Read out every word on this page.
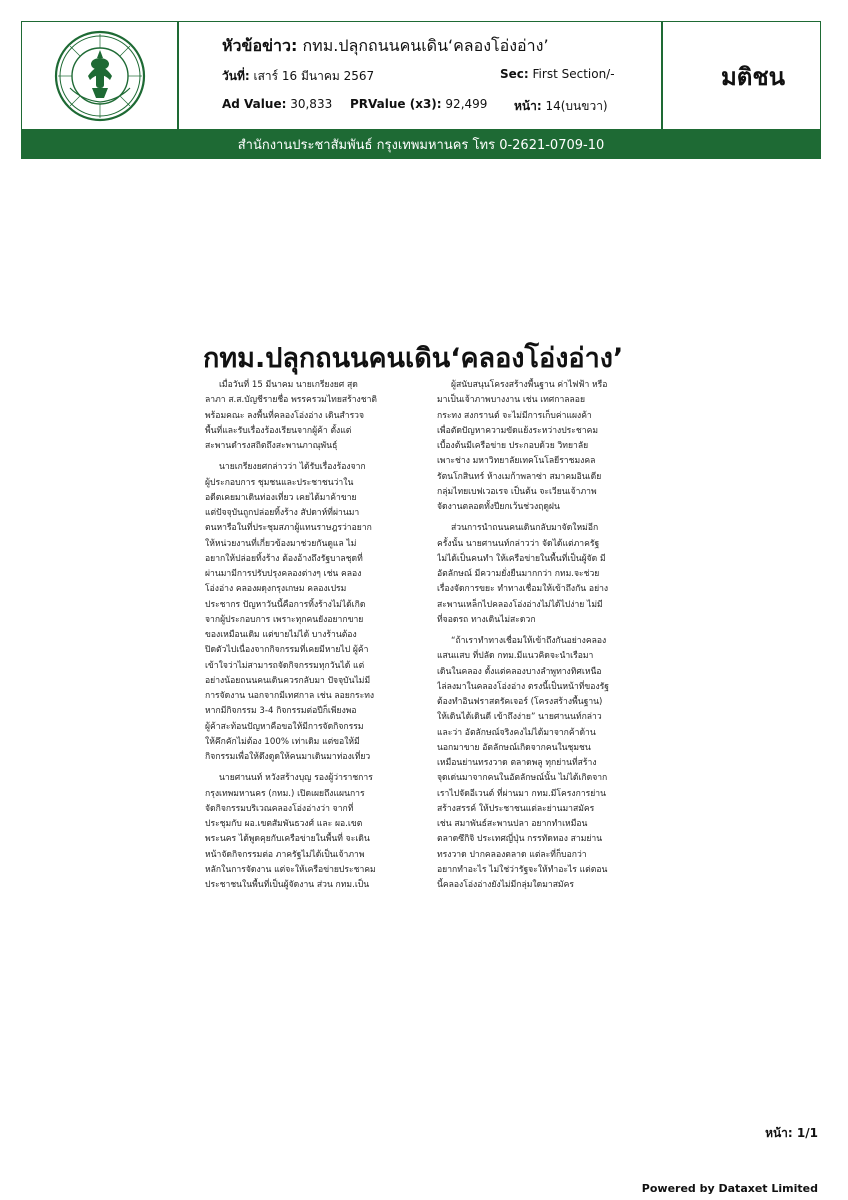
หัวข้อข่าว: กทม.ปลุกถนนคนเดิน‘คลองโอ่งอ่าง’
วันที่: เสาร์ 16 มีนาคม 2567	Sec: First Section/-
Ad Value: 30,833 PRValue (x3): 92,499 หน้า: 14(บนขวา)
มติชน
สำนักงานประชาสัมพันธ์ กรุงเทพมหานคร โทร 0-2621-0709-10
กทม.ปลุกถนนคนเดิน‘คลองโอ่งอ่าง’
เมื่อวันที่ 15 มีนาคม นายเกรียงยศ สุด
ลาภา ส.ส.บัญชีรายชื่อ พรรครวมไทยสร้างชาติ
พร้อมคณะ ลงพื้นที่คลองโอ่งอ่าง เดินสำรวจ
พื้นที่และรับเรื่องร้องเรียนจากผู้ค้า ตั้งแต่
สะพานดำรงสถิตถึงสะพานภาณุพันธุ์
นายเกรียงยศกล่าวว่า ได้รับเรื่องร้องจาก
ผู้ประกอบการ ชุมชนและประชาชนว่าใน
อดีตเคยมาเดินท่องเที่ยว เคยได้มาค้าขาย
แต่ปัจจุบันถูกปล่อยทิ้งร้าง สัปดาห์ที่ผ่านมา
ตนหารือในที่ประชุมสภาผู้แทนราษฎรว่าอยาก
ให้หน่วยงานที่เกี่ยวข้องมาช่วยกันดูแล ไม่
อยากให้ปล่อยทิ้งร้าง ต้องอ้างถึงรัฐบาลชุดที่
ผ่านมามีการปรับปรุงคลองต่างๆ เช่น คลอง
โอ่งอ่าง คลองผดุงกรุงเกษม คลองเปรม
ประชากร ปัญหาวันนี้คือการทิ้งร้างไม่ได้เกิด
จากผู้ประกอบการ เพราะทุกคนยังอยากขาย
ของเหมือนเดิม แต่ขายไม่ได้ บางร้านต้อง
ปิดตัวไปเนื่องจากกิจกรรมที่เคยมีหายไป ผู้ค้า
เข้าใจว่าไม่สามารถจัดกิจกรรมทุกวันได้ แต่
อย่างน้อยถนนคนเดินควรกลับมา ปัจจุบันไม่มี
การจัดงาน นอกจากมีเทศกาล เช่น ลอยกระทง
หากมีกิจกรรม 3-4 กิจกรรมต่อปีก็เพียงพอ
ผู้ค้าสะท้อนปัญหาคือขอให้มีการจัดกิจกรรม
ให้คึกคักไม่ต้อง 100% เท่าเดิม แต่ขอให้มี
กิจกรรมเพื่อให้ดึงดูดให้คนมาเดินมาท่องเที่ยว
นายศานนท์ หวังสร้างบุญ รองผู้ว่าราชการ
กรุงเทพมหานคร (กทม.) เปิดเผยถึงแผนการ
จัดกิจกรรมบริเวณคลองโอ่งอ่างว่า จากที่
ประชุมกับ ผอ.เขตสัมพันธวงศ์ และ ผอ.เขต
พระนคร ได้พูดคุยกับเครือข่ายในพื้นที่ จะเดิน
หน้าจัดกิจกรรมต่อ ภาครัฐไม่ได้เป็นเจ้าภาพ
หลักในการจัดงาน แต่จะให้เครือข่ายประชาคม
ประชาชนในพื้นที่เป็นผู้จัดงาน ส่วน กทม.เป็น
ผู้สนับสนุนโครงสร้างพื้นฐาน ค่าไฟฟ้า หรือ
มาเป็นเจ้าภาพบางงาน เช่น เทศกาลลอย
กระทง สงกรานต์ จะไม่มีการเก็บค่าแผงค้า
เพื่อตัดปัญหาความขัดแย้งระหว่างประชาคม
เบื้องต้นมีเครือข่าย ประกอบด้วย วิทยาลัย
เพาะช่าง มหาวิทยาลัยเทคโนโลยีราชมงคล
รัตนโกสินทร์ ห้างเมก้าพลาซ่า สมาคมอินเดีย
กลุ่มไทยเบฟเวอเรจ เป็นต้น จะเวียนเจ้าภาพ
จัดงานตลอดทั้งปียกเว้นช่วงฤดูฝน
ส่วนการนำถนนคนเดินกลับมาจัดใหม่อีก
ครั้งนั้น นายศานนท์กล่าวว่า จัดได้แต่ภาครัฐ
ไม่ได้เป็นคนทำ ให้เครือข่ายในพื้นที่เป็นผู้จัด มี
อัตลักษณ์ มีความยั่งยืนมากกว่า กทม.จะช่วย
เรื่องจัดการขยะ ทำทางเชื่อมให้เข้าถึงกัน อย่าง
สะพานเหล็กไปคลองโอ่งอ่างไม่ได้ไปง่าย ไม่มี
ที่จอดรถ ทางเดินไม่สะดวก
“ถ้าเราทำทางเชื่อมให้เข้าถึงกันอย่างคลอง
แสนแสบ ที่ปลัด กทม.มีแนวคิดจะนำเรือมา
เดินในคลอง ตั้งแต่คลองบางลำพูทางทิศเหนือ
ไล่ลงมาในคลองโอ่งอ่าง ตรงนี้เป็นหน้าที่ของรัฐ
ต้องทำอินฟราสตรัคเจอร์ (โครงสร้างพื้นฐาน)
ให้เดินได้เดินดี เข้าถึงง่าย” นายศานนท์กล่าว
และว่า อัตลักษณ์จริงคงไม่ได้มาจากค้าด้าน
นอกมาขาย อัตลักษณ์เกิดจากคนในชุมชน
เหมือนย่านทรงวาด ตลาดพลู ทุกย่านที่สร้าง
จุดเด่นมาจากคนในอัตลักษณ์นั้น ไม่ได้เกิดจาก
เราไปจัดอีเวนต์ ที่ผ่านมา กทม.มีโครงการย่าน
สร้างสรรค์ ให้ประชาชนแต่ละย่านมาสมัคร
เช่น สมาพันธ์สะพานปลา อยากทำเหมือน
ตลาดซึกิจิ ประเทศญี่ปุ่น กรรทัดทอง สามย่าน
ทรงวาด ปากคลองตลาด แต่ละที่ก็บอกว่า
อยากทำอะไร ไม่ใช่ว่ารัฐจะให้ทำอะไร แต่ตอน
นี้คลองโอ่งอ่างยังไม่มีกลุ่มใดมาสมัคร
หน้า: 1/1
Powered by Dataxet Limited
